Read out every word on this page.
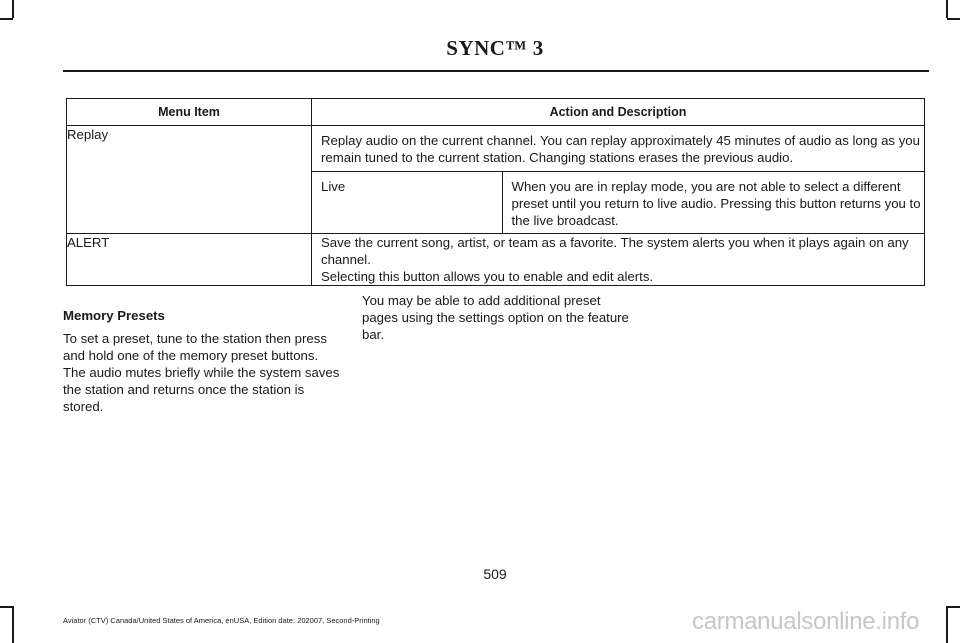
SYNC™ 3
Menu Item	Action and Description
Replay	Replay audio on the current channel. You can replay approximately 45 minutes of audio as long as you remain tuned to the current station. Changing stations erases the previous audio.
Live	When you are in replay mode, you are not able to select a different preset until you return to live audio. Pressing this button returns you to the live broadcast.

ALERT	Save the current song, artist, or team as a favorite. The system alerts you when it plays again on any channel.
Selecting this button allows you to enable and edit alerts.

Memory Presets

To set a preset, tune to the station then press and hold one of the memory preset buttons. The audio mutes briefly while the system saves the station and returns once the station is stored.

You may be able to add additional preset pages using the settings option on the feature bar.

509
Aviator (CTV) Canada/United States of America, enUSA, Edition date: 202007, Second-Printing	carmanualsonline.info
